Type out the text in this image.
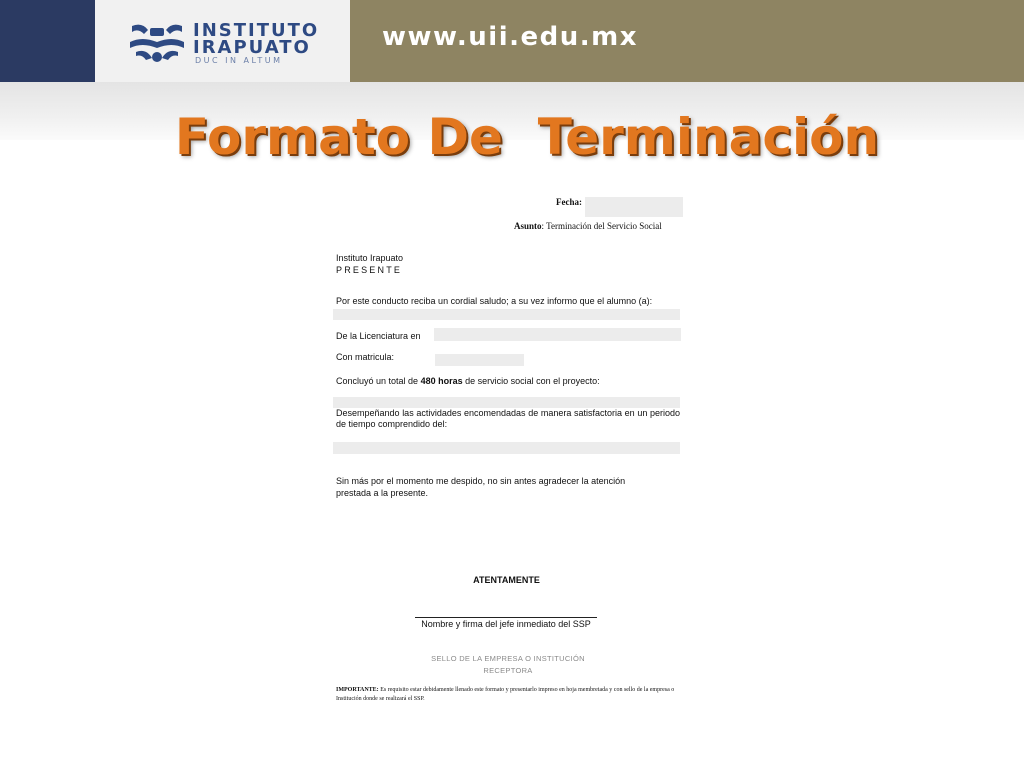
INSTITUTO
IRAPUATO
DUC IN ALTUM
www.uii.edu.mx
Formato De  Terminación
Fecha:
Asunto: Terminación del Servicio Social
Instituto Irapuato
PRESENTE
Por este conducto reciba un cordial saludo; a su vez informo que el alumno (a):
De la Licenciatura en
Con matricula:
Concluyó un total de 480 horas de servicio social con el proyecto:
Desempeñando las actividades encomendadas de manera satisfactoria en un periodo de tiempo comprendido del:
Sin más por el momento me despido, no sin antes agradecer la atención prestada a la presente.
ATENTAMENTE
Nombre y firma del jefe inmediato del SSP
SELLO DE LA EMPRESA O INSTITUCIÓN RECEPTORA
IMPORTANTE: Es requisito estar debidamente llenado este formato y presentarlo impreso en hoja membretada y con sello de la empresa o Institución donde se realizará el SSP.
